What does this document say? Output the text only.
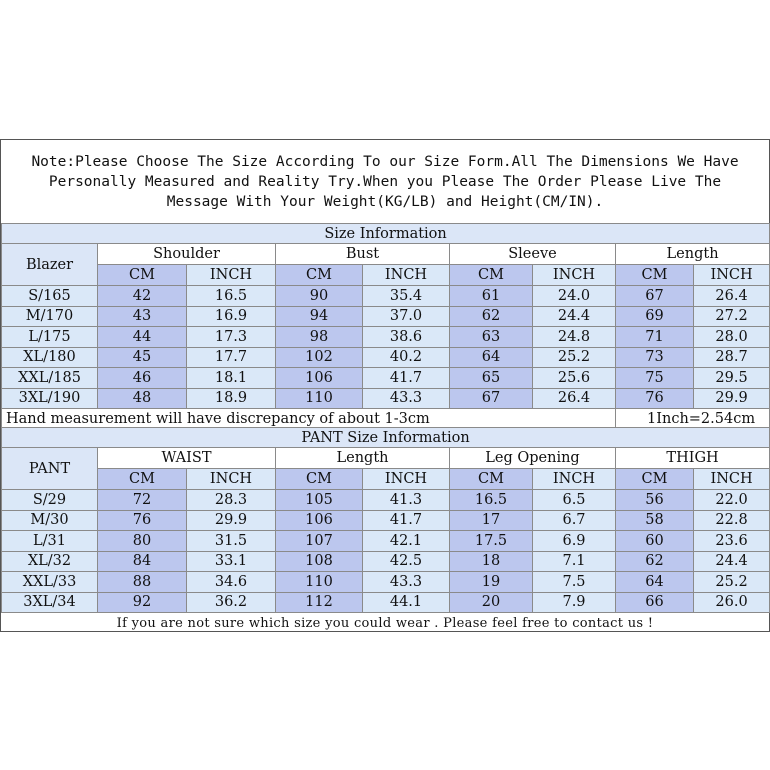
Note:Please Choose The Size According To our Size Form.All The Dimensions We Have
Personally Measured and Reality Try.When you Please The Order Please Live The
Message With Your Weight(KG/LB) and Height(CM/IN).
Size Information								
Blazer	Shoulder		Bust		Sleeve		Length	
	CM	INCH	CM	INCH	CM	INCH	CM	INCH
S/165	42	16.5	90	35.4	61	24.0	67	26.4
M/170	43	16.9	94	37.0	62	24.4	69	27.2
L/175	44	17.3	98	38.6	63	24.8	71	28.0
XL/180	45	17.7	102	40.2	64	25.2	73	28.7
XXL/185	46	18.1	106	41.7	65	25.6	75	29.5
3XL/190	48	18.9	110	43.3	67	26.4	76	29.9
Hand measurement will have discrepancy of about 1-3cm							1Inch=2.54cm	
PANT Size Information								
PANT	WAIST		Length		Leg Opening		THIGH	
	CM	INCH	CM	INCH	CM	INCH	CM	INCH
S/29	72	28.3	105	41.3	16.5	6.5	56	22.0
M/30	76	29.9	106	41.7	17	6.7	58	22.8
L/31	80	31.5	107	42.1	17.5	6.9	60	23.6
XL/32	84	33.1	108	42.5	18	7.1	62	24.4
XXL/33	88	34.6	110	43.3	19	7.5	64	25.2
3XL/34	92	36.2	112	44.1	20	7.9	66	26.0
If you are not sure which size you could wear . Please feel free to contact us !
